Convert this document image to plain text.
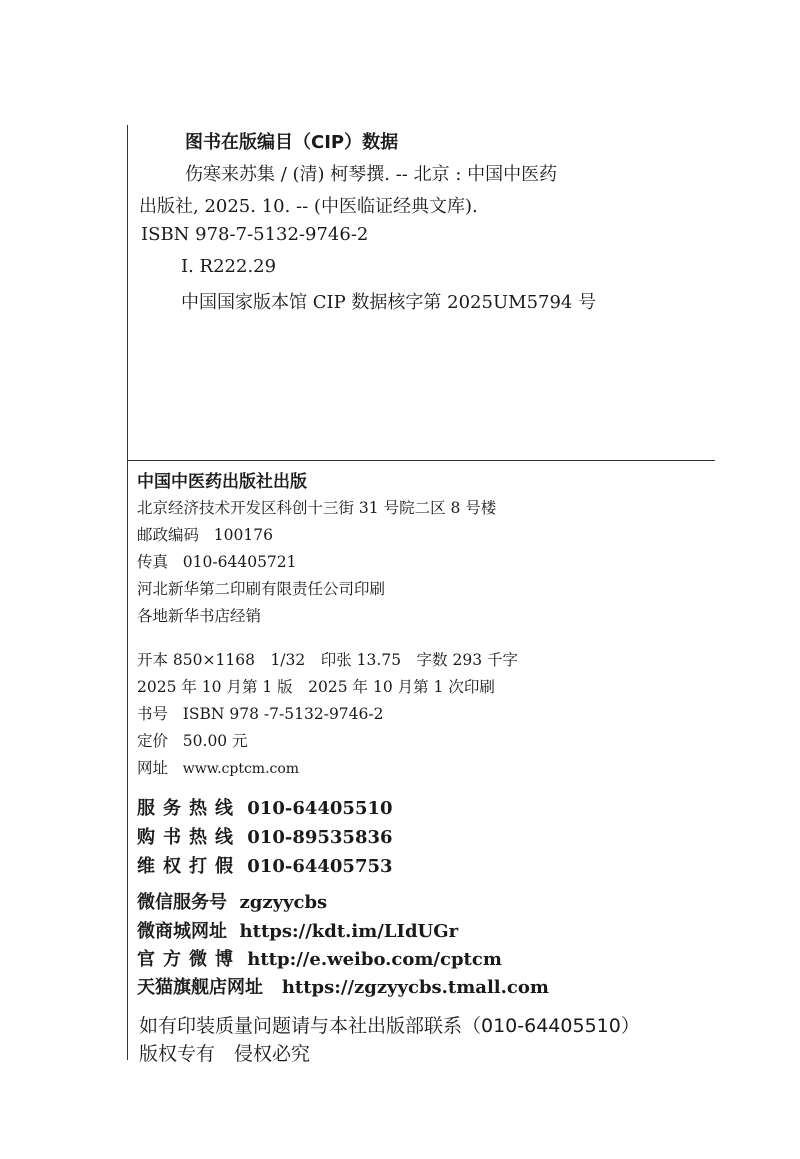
图书在版编目（CIP）数据
伤寒来苏集 / (清) 柯琴撰. -- 北京 : 中国中医药
出版社, 2025. 10. -- (中医临证经典文库).
ISBN 978-7-5132-9746-2
Ⅰ. R222.29
中国国家版本馆 CIP 数据核字第 2025UM5794 号
中国中医药出版社出版
北京经济技术开发区科创十三街 31 号院二区 8 号楼
邮政编码 100176
传真 010-64405721
河北新华第二印刷有限责任公司印刷
各地新华书店经销
开本 850×1168　1/32　印张 13.75　字数 293 千字
2025 年 10 月第 1 版　2025 年 10 月第 1 次印刷
书号 ISBN 978 -7-5132-9746-2
定价 50.00 元
网址 www.cptcm.com
服务热线 010-64405510
购书热线 010-89535836
维权打假 010-64405753
微信服务号 zgzyycbs
微商城网址 https://kdt.im/LIdUGr
官方微博 http://e.weibo.com/cptcm
天猫旗舰店网址 https://zgzyycbs.tmall.com
如有印装质量问题请与本社出版部联系（010-64405510）
版权专有　侵权必究
